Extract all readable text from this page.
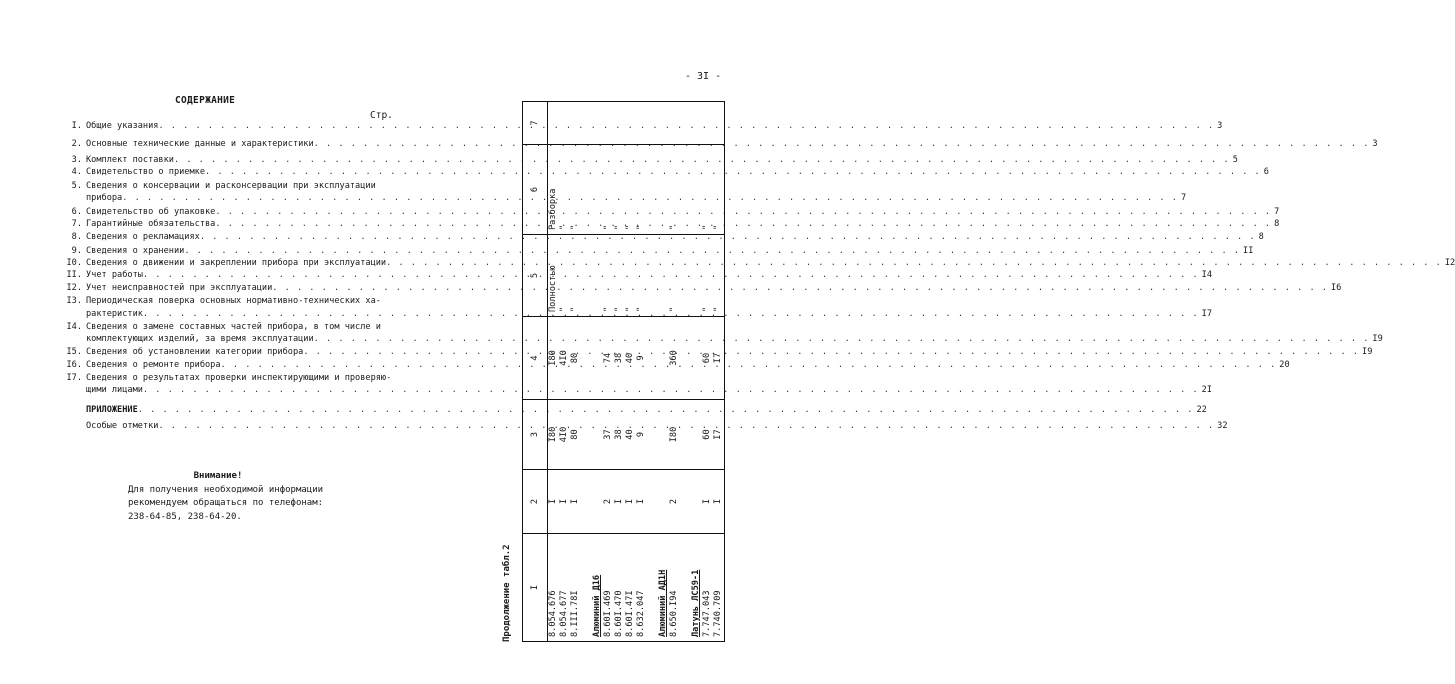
СОДЕРЖАНИЕ
Стр.
I. Общие указания . . .	3
2. Основные технические данные и характеристики . . .	3
3. Комплект поставки . . .	5
4. Свидетельство о приемке . . .	6
5. Сведения о консервации и расконсервации при эксплуатации
прибора . . .	7
6. Свидетельство об упаковке . . .	7
7. Гарантийные обязательства . . .	8
8. Сведения о рекламациях . . .	8
9. Сведения о хранении . . .	II
I0. Сведения о движении и закреплении прибора при эксплуатации . . .	I2
II. Учет работы . . .	I4
I2. Учет неисправностей при эксплуатации . . .	I6
I3. Периодическая поверка основных нормативно-технических ха-
рактеристик . . .	I7
I4. Сведения о замене составных частей прибора, в том числе и
комплектующих изделий, за время эксплуатации . . .	I9
I5. Сведения об установлении категории прибора . . .	I9
I6. Сведения о ремонте прибора . . .	20
I7. Сведения о результатах проверки инспектирующими и проверяю-
щими лицами . . .	2I
ПРИЛОЖЕНИЕ . . .	22
Особые отметки . . .	32
Внимание!
Для получения необходимой информации
рекомендуем обращаться по телефонам:
238-64-85, 238-64-20.
- 3I -
Продолжение табл.2	I	2	3	4	5	6	7
8.054.676	I	I80	I80	Полностью	Разборка	
8.054.677	I	4I0	4I0	"	"	
8.III.78I	I	80	80	"	"	

Алюминий Д16						
8.60I.469	2	37	74	"	"	
8.60I.470	I	38	38	"	"	
8.60I.47I	I	40	40	"	"	
8.632.047	I	9	9	"	"	

Алюминий АД1Н						
8.650.I94	2	I80	360	"	"	

Латунь ЛС59-1						
7.747.043	I	60	60	"	"	
7.740.709	I	I7	I7	"	"	
